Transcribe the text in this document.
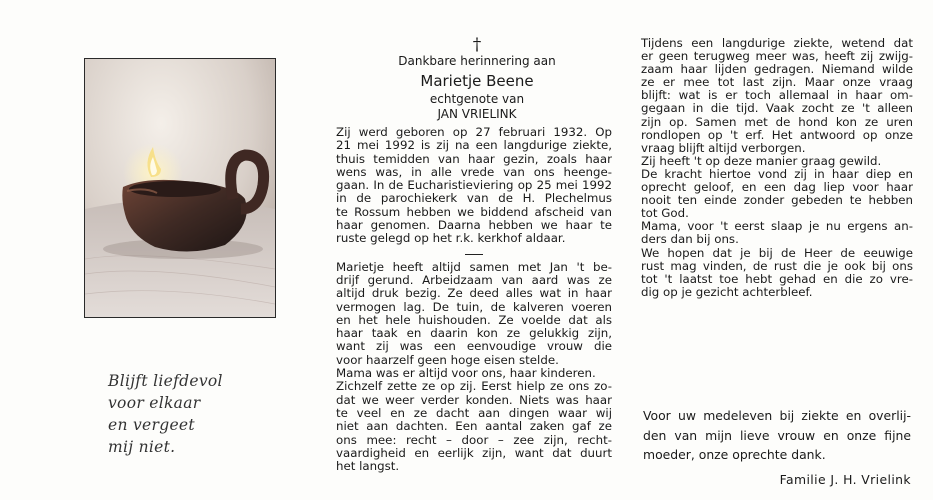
Blijft liefdevol
voor elkaar
en vergeet
mij niet.
†
Dankbare herinnering aan
Marietje Beene
echtgenote van
JAN VRIELINK
Zij werd geboren op 27 februari 1932. Op
21 mei 1992 is zij na een langdurige ziekte,
thuis temidden van haar gezin, zoals haar
wens was, in alle vrede van ons heenge-
gaan. In de Eucharistieviering op 25 mei 1992
in de parochiekerk van de H. Plechelmus
te Rossum hebben we biddend afscheid van
haar genomen. Daarna hebben we haar te
ruste gelegd op het r.k. kerkhof aldaar.
Marietje heeft altijd samen met Jan 't be-
drijf gerund. Arbeidzaam van aard was ze
altijd druk bezig. Ze deed alles wat in haar
vermogen lag. De tuin, de kalveren voeren
en het hele huishouden. Ze voelde dat als
haar taak en daarin kon ze gelukkig zijn,
want zij was een eenvoudige vrouw die
voor haarzelf geen hoge eisen stelde.
Mama was er altijd voor ons, haar kinderen.
Zichzelf zette ze op zij. Eerst hielp ze ons zo-
dat we weer verder konden. Niets was haar
te veel en ze dacht aan dingen waar wij
niet aan dachten. Een aantal zaken gaf ze
ons mee: recht – door – zee zijn, recht-
vaardigheid en eerlijk zijn, want dat duurt
het langst.
Tijdens een langdurige ziekte, wetend dat
er geen terugweg meer was, heeft zij zwijg-
zaam haar lijden gedragen. Niemand wilde
ze er mee tot last zijn. Maar onze vraag
blijft: wat is er toch allemaal in haar om-
gegaan in die tijd. Vaak zocht ze 't alleen
zijn op. Samen met de hond kon ze uren
rondlopen op 't erf. Het antwoord op onze
vraag blijft altijd verborgen.
Zij heeft 't op deze manier graag gewild.
De kracht hiertoe vond zij in haar diep en
oprecht geloof, en een dag liep voor haar
nooit ten einde zonder gebeden te hebben
tot God.
Mama, voor 't eerst slaap je nu ergens an-
ders dan bij ons.
We hopen dat je bij de Heer de eeuwige
rust mag vinden, de rust die je ook bij ons
tot 't laatst toe hebt gehad en die zo vre-
dig op je gezicht achterbleef.
Voor uw medeleven bij ziekte en overlij-
den van mijn lieve vrouw en onze fijne
moeder, onze oprechte dank.
Familie J. H. Vrielink
